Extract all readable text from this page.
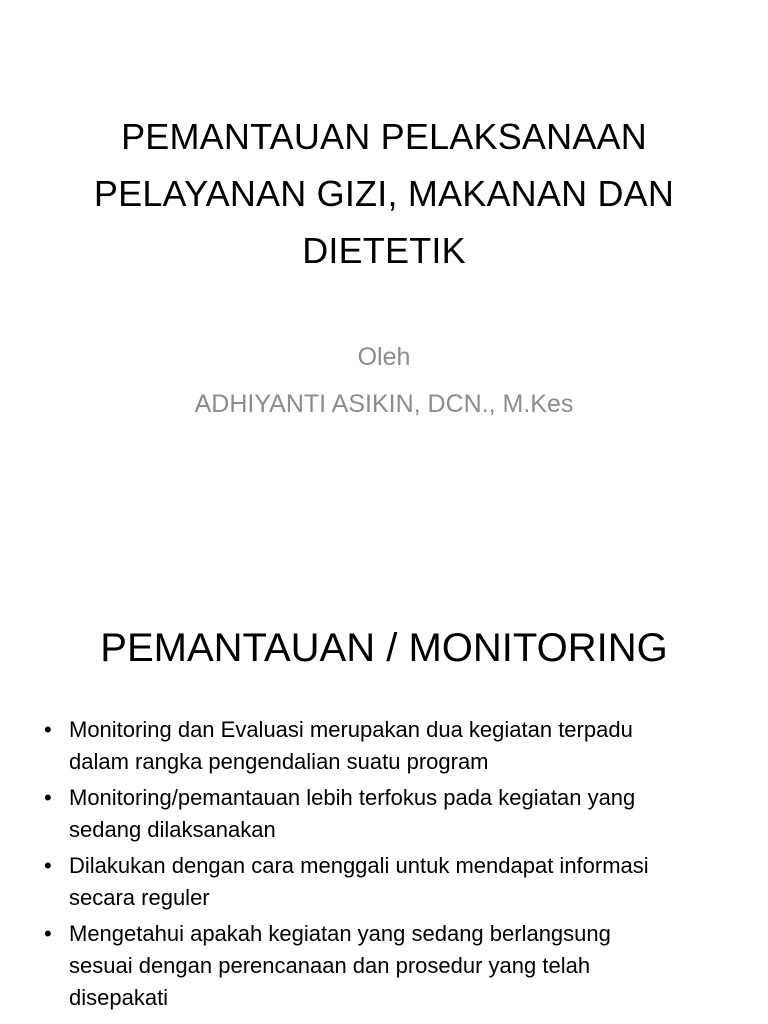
PEMANTAUAN PELAKSANAAN
PELAYANAN GIZI, MAKANAN DAN
DIETETIK
Oleh
ADHIYANTI ASIKIN, DCN., M.Kes
PEMANTAUAN / MONITORING
• Monitoring dan Evaluasi merupakan dua kegiatan terpadu
dalam rangka pengendalian suatu program
• Monitoring/pemantauan lebih terfokus pada kegiatan yang
sedang dilaksanakan
• Dilakukan dengan cara menggali untuk mendapat informasi
secara reguler
• Mengetahui apakah kegiatan yang sedang berlangsung
sesuai dengan perencanaan dan prosedur yang telah
disepakati
